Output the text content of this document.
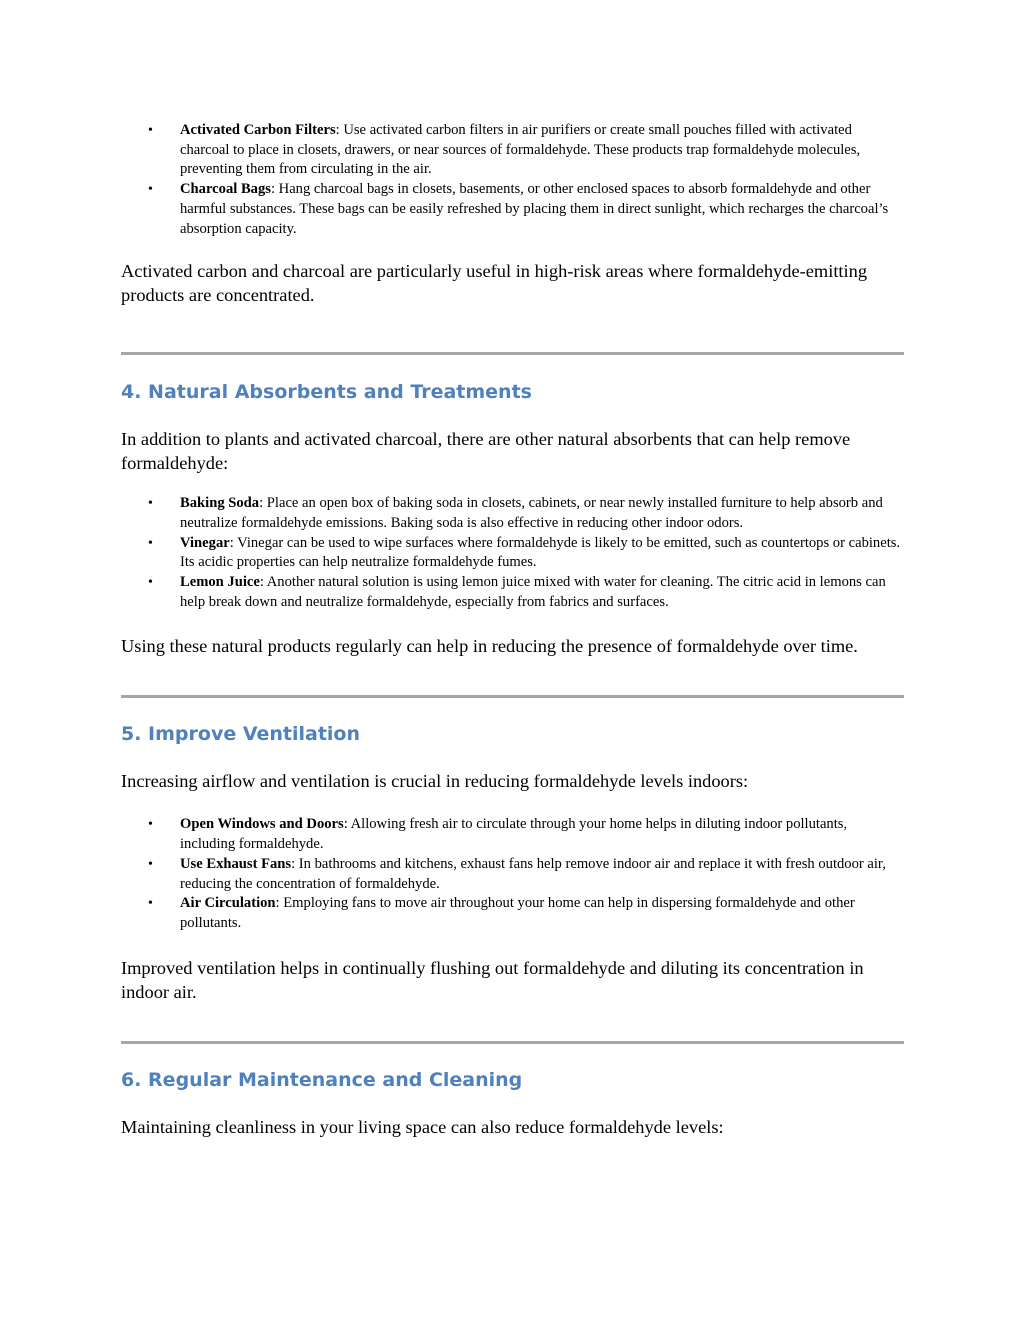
• Activated Carbon Filters: Use activated carbon filters in air purifiers or create small pouches filled with activated charcoal to place in closets, drawers, or near sources of formaldehyde. These products trap formaldehyde molecules, preventing them from circulating in the air.
• Charcoal Bags: Hang charcoal bags in closets, basements, or other enclosed spaces to absorb formaldehyde and other harmful substances. These bags can be easily refreshed by placing them in direct sunlight, which recharges the charcoal’s absorption capacity.

Activated carbon and charcoal are particularly useful in high-risk areas where formaldehyde-emitting products are concentrated.

4. Natural Absorbents and Treatments

In addition to plants and activated charcoal, there are other natural absorbents that can help remove formaldehyde:

• Baking Soda: Place an open box of baking soda in closets, cabinets, or near newly installed furniture to help absorb and neutralize formaldehyde emissions. Baking soda is also effective in reducing other indoor odors.
• Vinegar: Vinegar can be used to wipe surfaces where formaldehyde is likely to be emitted, such as countertops or cabinets. Its acidic properties can help neutralize formaldehyde fumes.
• Lemon Juice: Another natural solution is using lemon juice mixed with water for cleaning. The citric acid in lemons can help break down and neutralize formaldehyde, especially from fabrics and surfaces.

Using these natural products regularly can help in reducing the presence of formaldehyde over time.

5. Improve Ventilation

Increasing airflow and ventilation is crucial in reducing formaldehyde levels indoors:

• Open Windows and Doors: Allowing fresh air to circulate through your home helps in diluting indoor pollutants, including formaldehyde.
• Use Exhaust Fans: In bathrooms and kitchens, exhaust fans help remove indoor air and replace it with fresh outdoor air, reducing the concentration of formaldehyde.
• Air Circulation: Employing fans to move air throughout your home can help in dispersing formaldehyde and other pollutants.

Improved ventilation helps in continually flushing out formaldehyde and diluting its concentration in indoor air.

6. Regular Maintenance and Cleaning

Maintaining cleanliness in your living space can also reduce formaldehyde levels:
